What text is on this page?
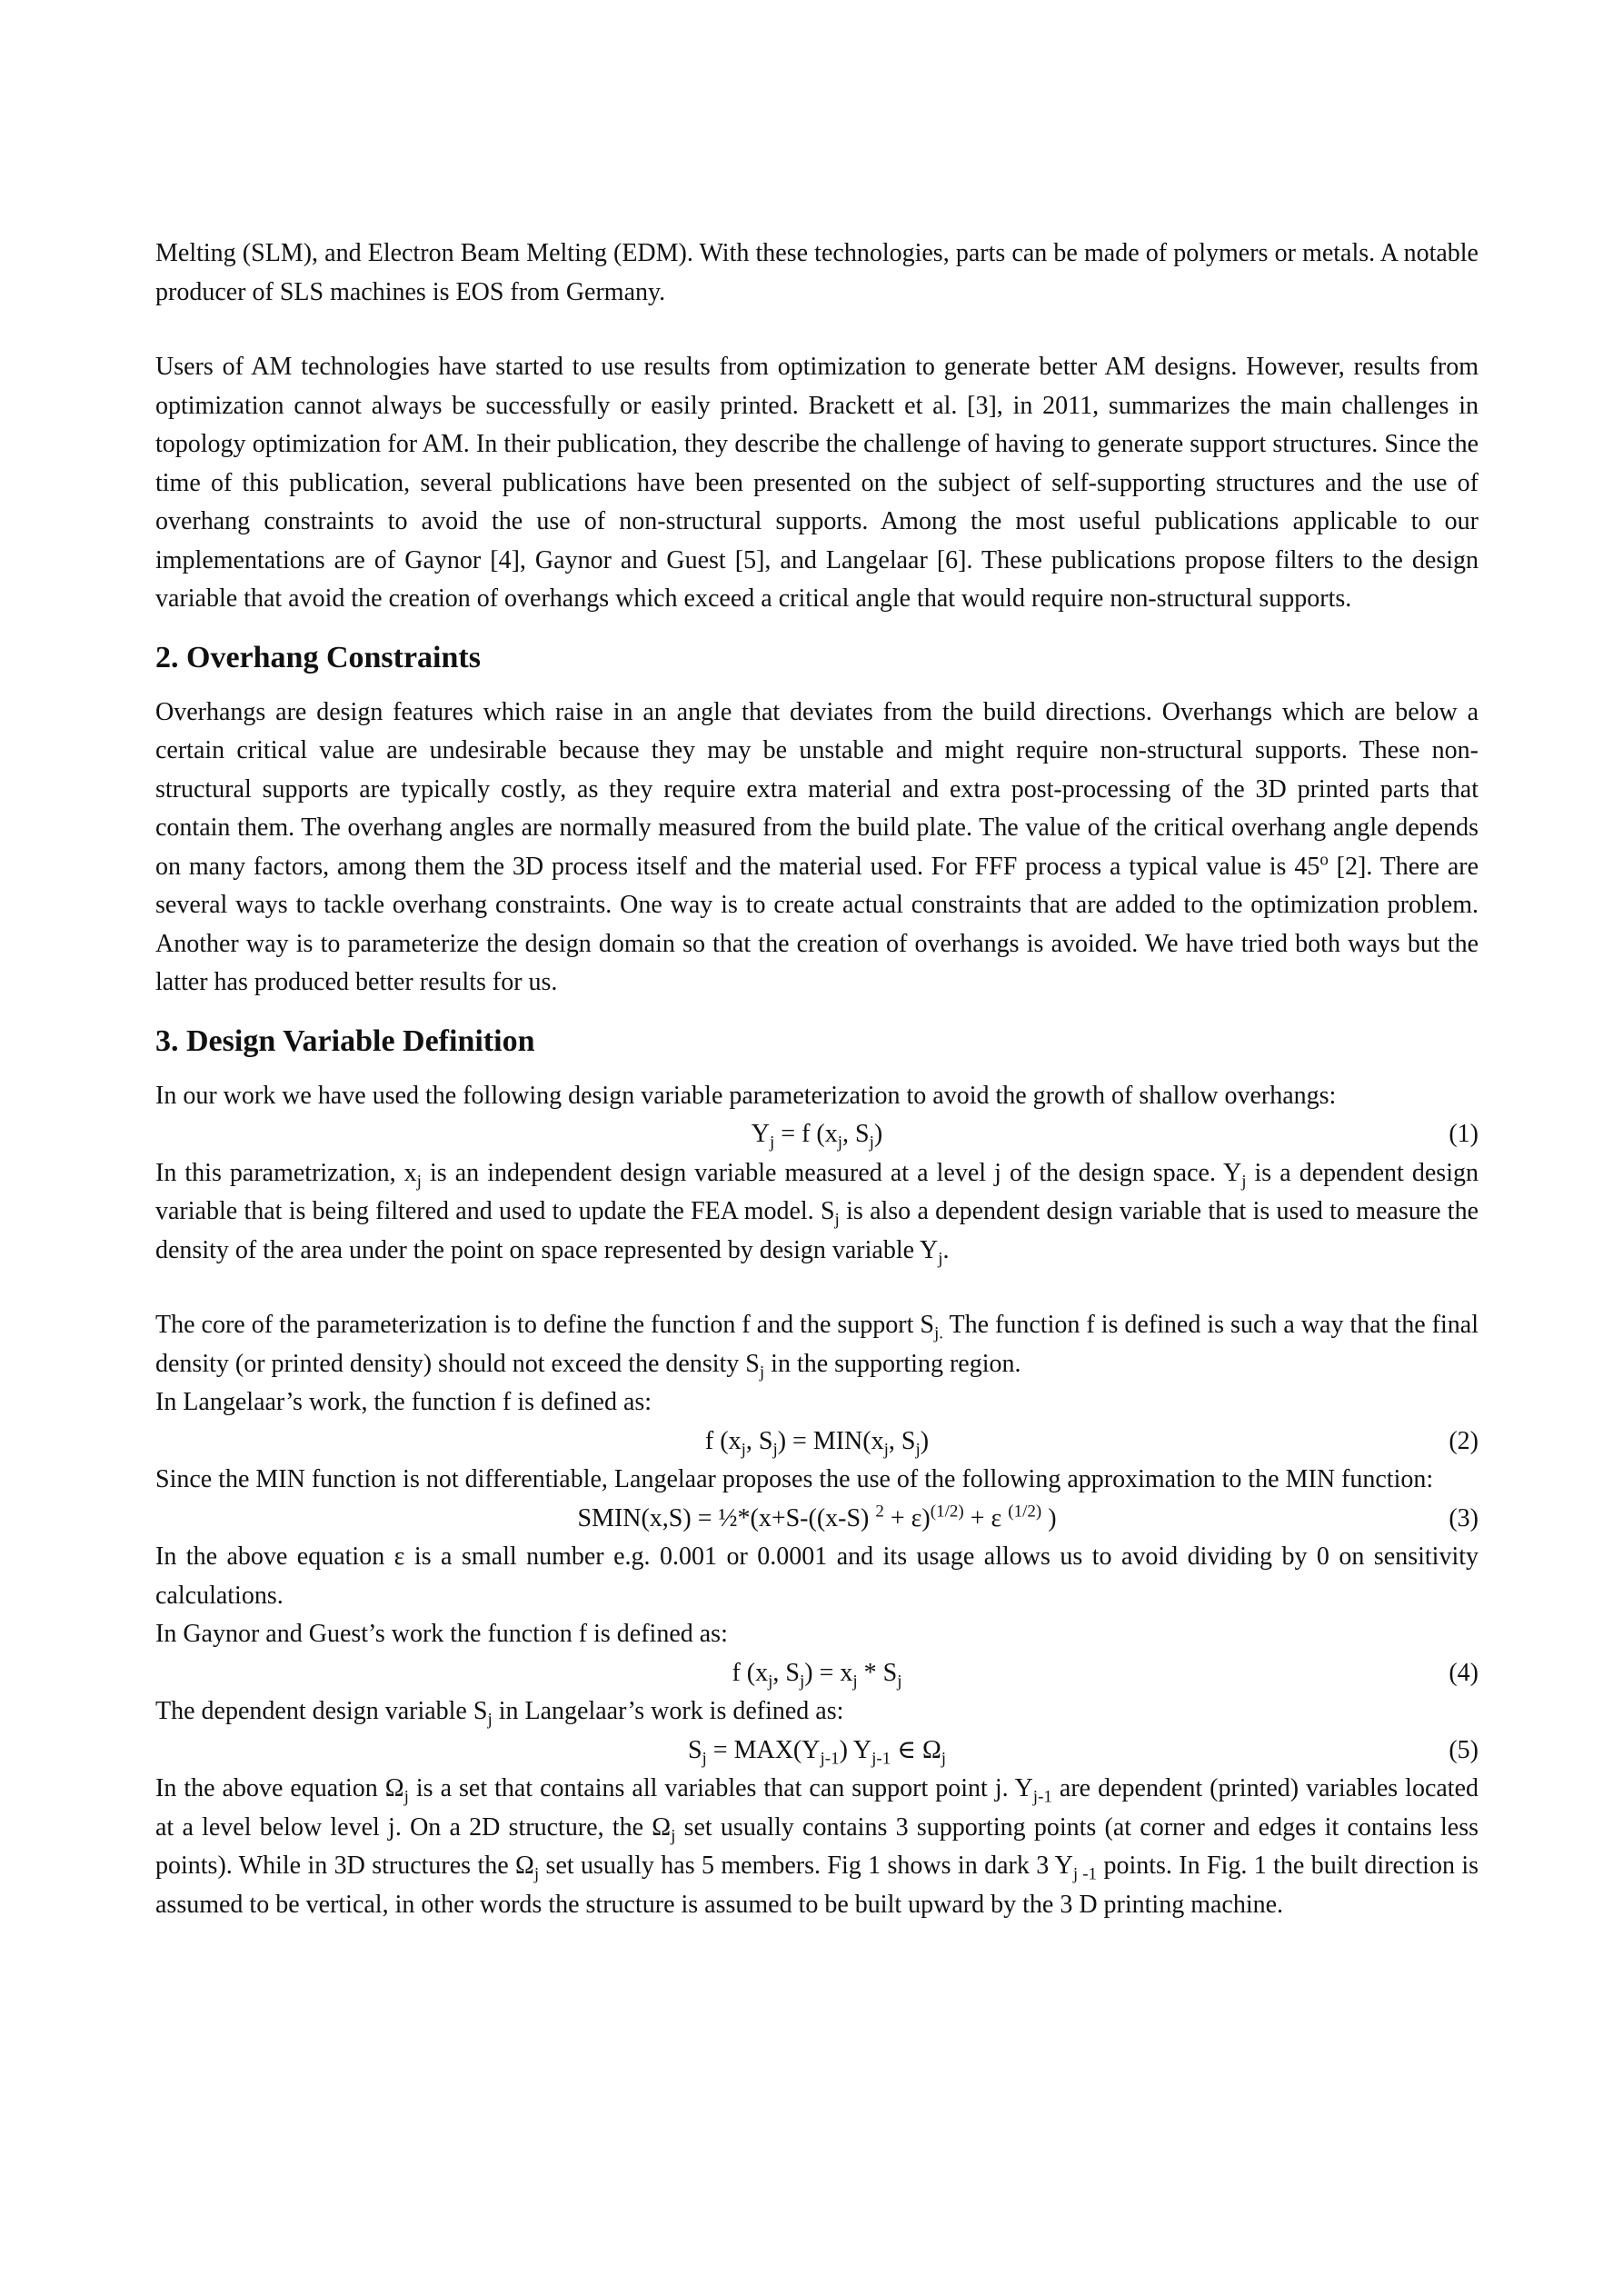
Melting (SLM), and Electron Beam Melting (EDM). With these technologies, parts can be made of polymers or metals. A notable producer of SLS machines is EOS from Germany.

Users of AM technologies have started to use results from optimization to generate better AM designs. However, results from optimization cannot always be successfully or easily printed. Brackett et al. [3], in 2011, summarizes the main challenges in topology optimization for AM. In their publication, they describe the challenge of having to generate support structures. Since the time of this publication, several publications have been presented on the subject of self-supporting structures and the use of overhang constraints to avoid the use of non-structural supports. Among the most useful publications applicable to our implementations are of Gaynor [4], Gaynor and Guest [5], and Langelaar [6]. These publications propose filters to the design variable that avoid the creation of overhangs which exceed a critical angle that would require non-structural supports.

2. Overhang Constraints

Overhangs are design features which raise in an angle that deviates from the build directions. Overhangs which are below a certain critical value are undesirable because they may be unstable and might require non-structural supports. These non-structural supports are typically costly, as they require extra material and extra post-processing of the 3D printed parts that contain them. The overhang angles are normally measured from the build plate. The value of the critical overhang angle depends on many factors, among them the 3D process itself and the material used. For FFF process a typical value is 45$^o$ [2]. There are several ways to tackle overhang constraints. One way is to create actual constraints that are added to the optimization problem. Another way is to parameterize the design domain so that the creation of overhangs is avoided. We have tried both ways but the latter has produced better results for us.

3. Design Variable Definition

In our work we have used the following design variable parameterization to avoid the growth of shallow overhangs:

$Y_j = f$ ($x_j$, $S_j$)	(1)

In this parametrization, $x_j$ is an independent design variable measured at a level j of the design space. $Y_j$ is a dependent design variable that is being filtered and used to update the FEA model. $S_j$ is also a dependent design variable that is used to measure the density of the area under the point on space represented by design variable $Y_j$.

The core of the parameterization is to define the function f and the support $S_{j.}$ The function f is defined is such a way that the final density (or printed density) should not exceed the density $S_j$ in the supporting region.

In Langelaar’s work, the function f is defined as:

f ($x_j$, $S_j) = MIN(x_j$, $S_j$)	(2)

Since the MIN function is not differentiable, Langelaar proposes the use of the following approximation to the MIN function:

SMIN(x,S) = ½*(x+S-((x-S) $^2$ + ε)$^{(1/2)}$ + ε $^{(1/2)}$ )	(3)

In the above equation ε is a small number e.g. 0.001 or 0.0001 and its usage allows us to avoid dividing by 0 on sensitivity calculations.

In Gaynor and Guest’s work the function f is defined as:

f ($x_j$, $S_j) = x_j * S_j$	(4)

The dependent design variable $S_j$ in Langelaar’s work is defined as:

$S_j = MAX(Y_{j-1})$ $Y_{j-1}$ ∈ $\Omega_j$	(5)

In the above equation $\Omega_j$ is a set that contains all variables that can support point j. $Y_{j-1}$ are dependent (printed) variables located at a level below level j. On a 2D structure, the $\Omega_j$ set usually contains 3 supporting points (at corner and edges it contains less points). While in 3D structures the $\Omega_j$ set usually has 5 members. Fig 1 shows in dark 3 $Y_{j -1}$ points. In Fig. 1 the built direction is assumed to be vertical, in other words the structure is assumed to be built upward by the 3 D printing machine.
